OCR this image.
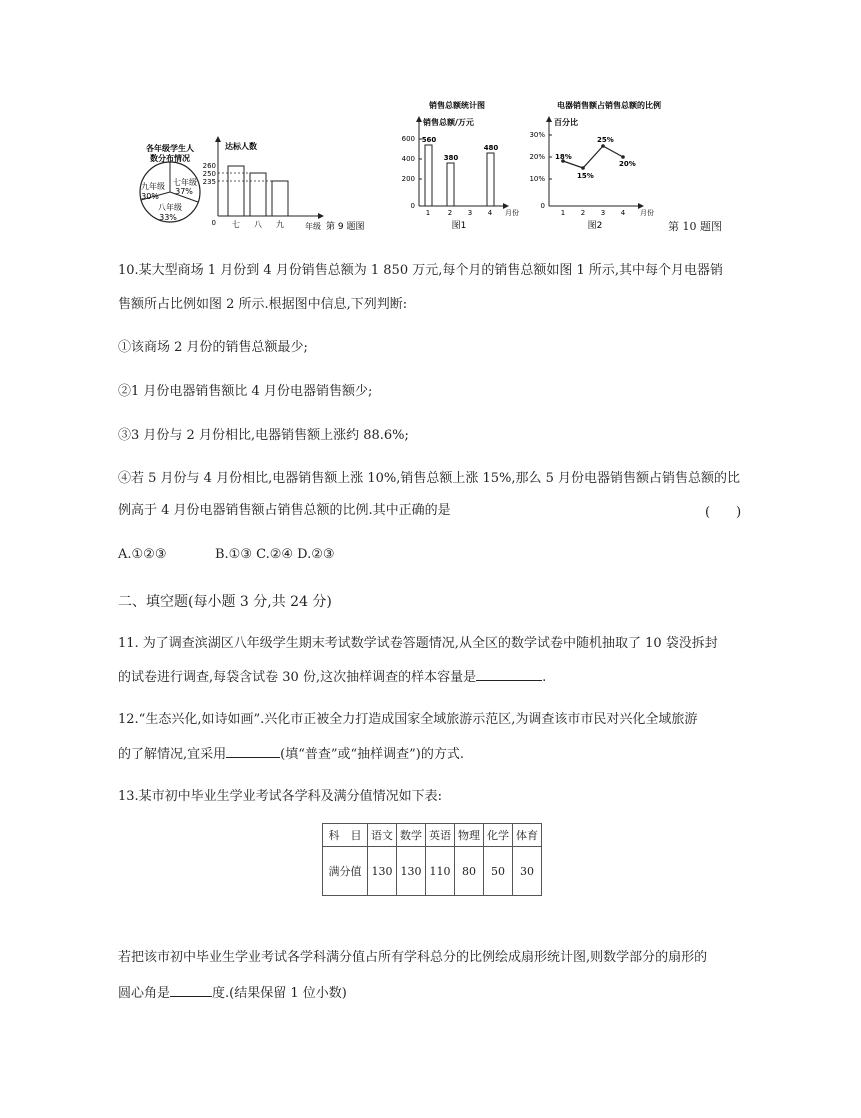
各年级学生人
数分布情况
七年级
37%
九年级
30%
八年级
33%
达标人数
0
260
250
235
七 八 九	年级 第 9 题图
销售总额统计图
销售总额/万元
0
200
400
600 560
380
480
1	2 3 4 月份
图1
电器销售额占销售总额的比例
百分比
0
10%
20%
30%
18%
15%
25%
20%
1 2 3 4 月份
图2	第 10 题图
10.某大型商场 1 月份到 4 月份销售总额为 1 850 万元,每个月的销售总额如图 1 所示,其中每个月电器销
售额所占比例如图 2 所示.根据图中信息,下列判断:
①该商场 2 月份的销售总额最少;
②1 月份电器销售额比 4 月份电器销售额少;
③3 月份与 2 月份相比,电器销售额上涨约 88.6%;
④若 5 月份与 4 月份相比,电器销售额上涨 10%,销售总额上涨 15%,那么 5 月份电器销售额占销售总额的比
例高于 4 月份电器销售额占销售总额的比例.其中正确的是	(　　)
A.①②③	B.①③ C.②④ D.②③
二、填空题(每小题 3 分,共 24 分)
11. 为了调查滨湖区八年级学生期末考试数学试卷答题情况,从全区的数学试卷中随机抽取了 10 袋没拆封
的试卷进行调查,每袋含试卷 30 份,这次抽样调查的样本容量是	.
12.“生态兴化,如诗如画”.兴化市正被全力打造成国家全域旅游示范区,为调查该市市民对兴化全域旅游
的了解情况,宜采用	(填“普查”或“抽样调查”)的方式.
13.某市初中毕业生学业考试各学科及满分值情况如下表:
科　目	语文	数学	英语	物理	化学	体育
满分值	130	130	110	80	50	30
若把该市初中毕业生学业考试各学科满分值占所有学科总分的比例绘成扇形统计图,则数学部分的扇形的
圆心角是	度.(结果保留 1 位小数)
